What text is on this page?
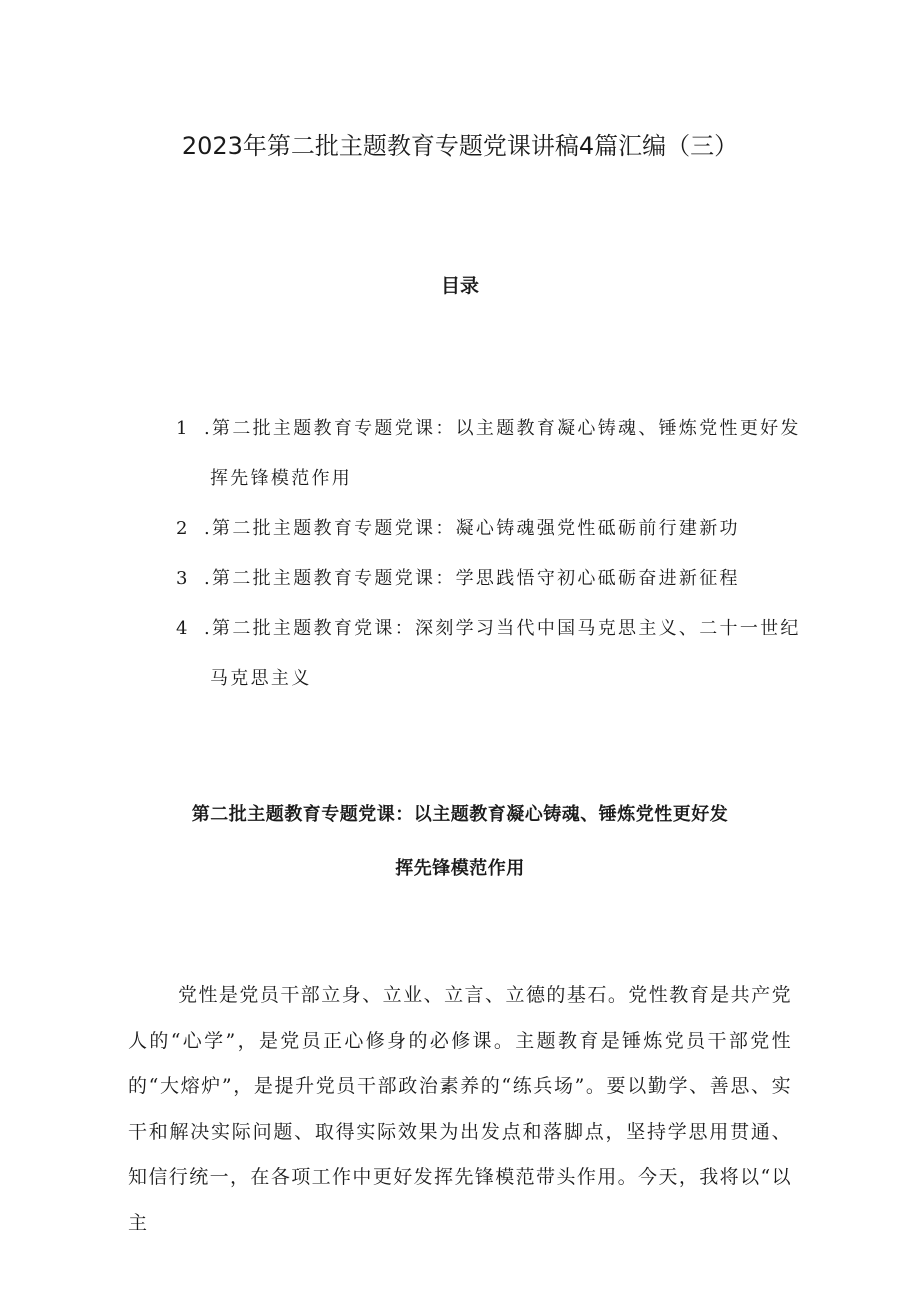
2023年第二批主题教育专题党课讲稿4篇汇编（三）
目录
1 .第二批主题教育专题党课：以主题教育凝心铸魂、锤炼党性更好发挥先锋模范作用
2 .第二批主题教育专题党课：凝心铸魂强党性砥砺前行建新功
3 .第二批主题教育专题党课：学思践悟守初心砥砺奋进新征程
4 .第二批主题教育党课：深刻学习当代中国马克思主义、二十一世纪马克思主义
第二批主题教育专题党课：以主题教育凝心铸魂、锤炼党性更好发
挥先锋模范作用

党性是党员干部立身、立业、立言、立德的基石。党性教育是共产党人的“心学”，是党员正心修身的必修课。主题教育是锤炼党员干部党性的“大熔炉”，是提升党员干部政治素养的“练兵场”。要以勤学、善思、实干和解决实际问题、取得实际效果为出发点和落脚点，坚持学思用贯通、知信行统一，在各项工作中更好发挥先锋模范带头作用。今天，我将以“以主
